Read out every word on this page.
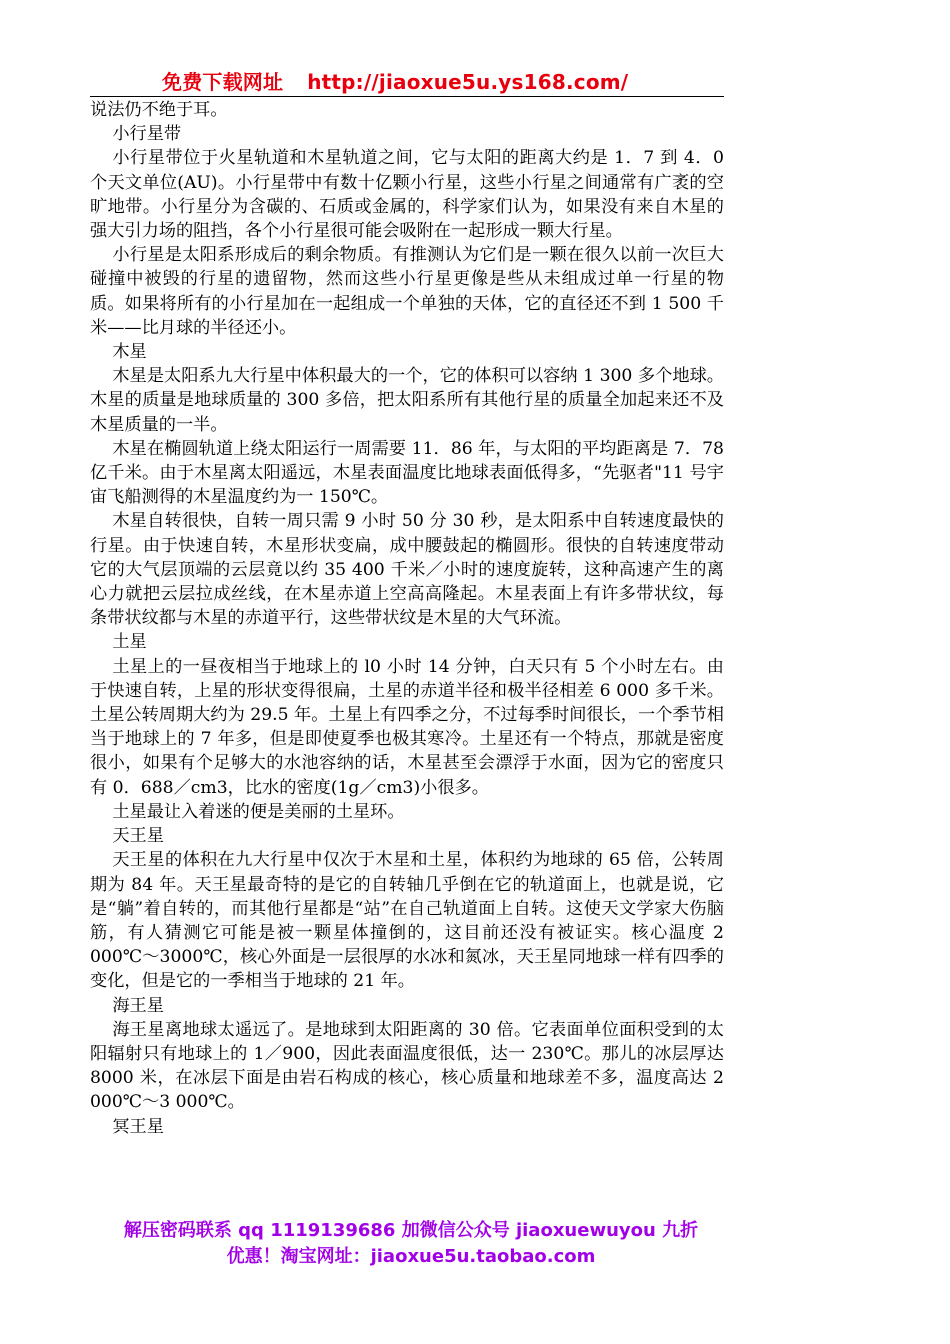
免费下载网址 http://jiaoxue5u.ys168.com/

说法仍不绝于耳。

小行星带

小行星带位于火星轨道和木星轨道之间，它与太阳的距离大约是 1．7 到 4．0 个天文单位(AU)。小行星带中有数十亿颗小行星，这些小行星之间通常有广袤的空旷地带。小行星分为含碳的、石质或金属的，科学家们认为，如果没有来自木星的强大引力场的阻挡，各个小行星很可能会吸附在一起形成一颗大行星。

小行星是太阳系形成后的剩余物质。有推测认为它们是一颗在很久以前一次巨大碰撞中被毁的行星的遗留物，然而这些小行星更像是些从未组成过单一行星的物质。如果将所有的小行星加在一起组成一个单独的天体，它的直径还不到 1 500 千米——比月球的半径还小。

木星

木星是太阳系九大行星中体积最大的一个，它的体积可以容纳 1 300 多个地球。木星的质量是地球质量的 300 多倍，把太阳系所有其他行星的质量全加起来还不及木星质量的一半。

木星在椭圆轨道上绕太阳运行一周需要 11．86 年，与太阳的平均距离是 7．78 亿千米。由于木星离太阳遥远，木星表面温度比地球表面低得多，“先驱者"11 号宇宙飞船测得的木星温度约为一 150℃。

木星自转很快，自转一周只需 9 小时 50 分 30 秒，是太阳系中自转速度最快的行星。由于快速自转，木星形状变扁，成中腰鼓起的椭圆形。很快的自转速度带动它的大气层顶端的云层竟以约 35 400 千米／小时的速度旋转，这种高速产生的离心力就把云层拉成丝线，在木星赤道上空高高隆起。木星表面上有许多带状纹，每条带状纹都与木星的赤道平行，这些带状纹是木星的大气环流。

土星

土星上的一昼夜相当于地球上的 l0 小时 14 分钟，白天只有 5 个小时左右。由于快速自转，上星的形状变得很扁，土星的赤道半径和极半径相差 6 000 多千米。土星公转周期大约为 29.5 年。土星上有四季之分，不过每季时间很长，一个季节相当于地球上的 7 年多，但是即使夏季也极其寒冷。土星还有一个特点，那就是密度很小，如果有个足够大的水池容纳的话，木星甚至会漂浮于水面，因为它的密度只有 0．688／cm3，比水的密度(1g／cm3)小很多。

土星最让入着迷的便是美丽的土星环。

天王星

天王星的体积在九大行星中仅次于木星和土星，体积约为地球的 65 倍，公转周期为 84 年。天王星最奇特的是它的自转轴几乎倒在它的轨道面上，也就是说，它是“躺”着自转的，而其他行星都是“站”在自己轨道面上自转。这使天文学家大伤脑筋，有人猜测它可能是被一颗星体撞倒的，这目前还没有被证实。核心温度 2 000℃～3000℃，核心外面是一层很厚的水冰和氮冰，天王星同地球一样有四季的变化，但是它的一季相当于地球的 21 年。

海王星

海王星离地球太遥远了。是地球到太阳距离的 30 倍。它表面单位面积受到的太阳辐射只有地球上的 1／900，因此表面温度很低，达一 230℃。那儿的冰层厚达 8000 米，在冰层下面是由岩石构成的核心，核心质量和地球差不多，温度高达 2 000℃～3 000℃。

冥王星

解压密码联系 qq 1119139686 加微信公众号 jiaoxuewuyou 九折
优惠！淘宝网址：jiaoxue5u.taobao.com
